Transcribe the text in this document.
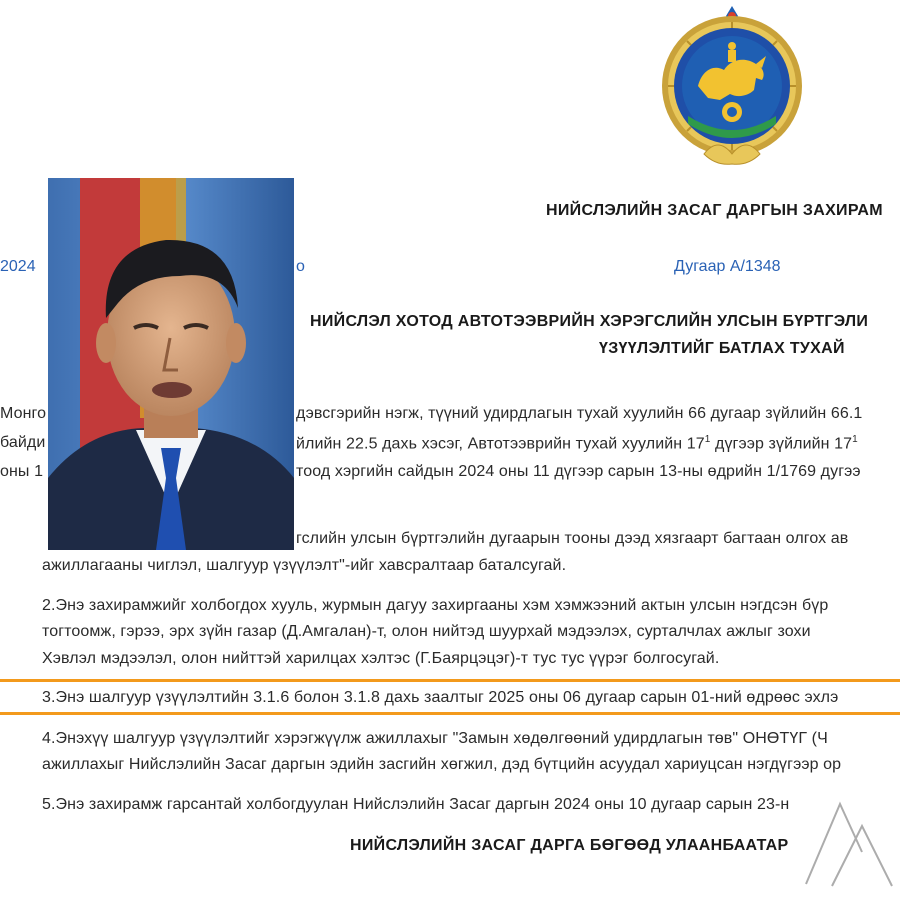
НИЙСЛЭЛИЙН ЗАСАГ ДАРГЫН ЗАХИРАМ
2024	о	Дугаар А/1348
НИЙСЛЭЛ ХОТОД АВТОТЭЭВРИЙН ХЭРЭГСЛИЙН УЛСЫН БҮРТГЭЛИ
ҮЗҮҮЛЭЛТИЙГ БАТЛАХ ТУХАЙ
Монго	дэвсгэрийн нэгж, түүний удирдлагын тухай хуулийн 66 дугаар зүйлийн 66.1
байди	йлийн 22.5 дахь хэсэг, Автотээврийн тухай хуулийн $17^1$ дүгээр зүйлийн $17^1$
оны 1	тоод хэргийн сайдын 2024 оны 11 дүгээр сарын 13-ны өдрийн 1/1769 дугээ
гслийн улсын бүртгэлийн дугаарын тооны дээд хязгаарт багтаан олгох ав
ажиллагааны чиглэл, шалгуур үзүүлэлт"-ийг хавсралтаар баталсугай.
2.Энэ захирамжийг холбогдох хууль, журмын дагуу захиргааны хэм хэмжээний актын улсын нэгдсэн бүр
тогтоомж, гэрээ, эрх зүйн газар (Д.Амгалан)-т, олон нийтэд шуурхай мэдээлэх, сурталчлах ажлыг зохи
Хэвлэл мэдээлэл, олон нийттэй харилцах хэлтэс (Г.Баярцэцэг)-т тус тус үүрэг болгосугай.
3.Энэ шалгуур үзүүлэлтийн 3.1.6 болон 3.1.8 дахь заалтыг 2025 оны 06 дугаар сарын 01-ний өдрөөс эхлэ
4.Энэхүү шалгуур үзүүлэлтийг хэрэгжүүлж ажиллахыг "Замын хөдөлгөөний удирдлагын төв" ОНӨТҮГ (Ч
ажиллахыг Нийслэлийн Засаг даргын эдийн засгийн хөгжил, дэд бүтцийн асуудал хариуцсан нэгдүгээр ор
5.Энэ захирамж гарсантай холбогдуулан Нийслэлийн Засаг даргын 2024 оны 10 дугаар сарын 23-н
НИЙСЛЭЛИЙН ЗАСАГ ДАРГА БӨГӨӨД УЛААНБААТАР
